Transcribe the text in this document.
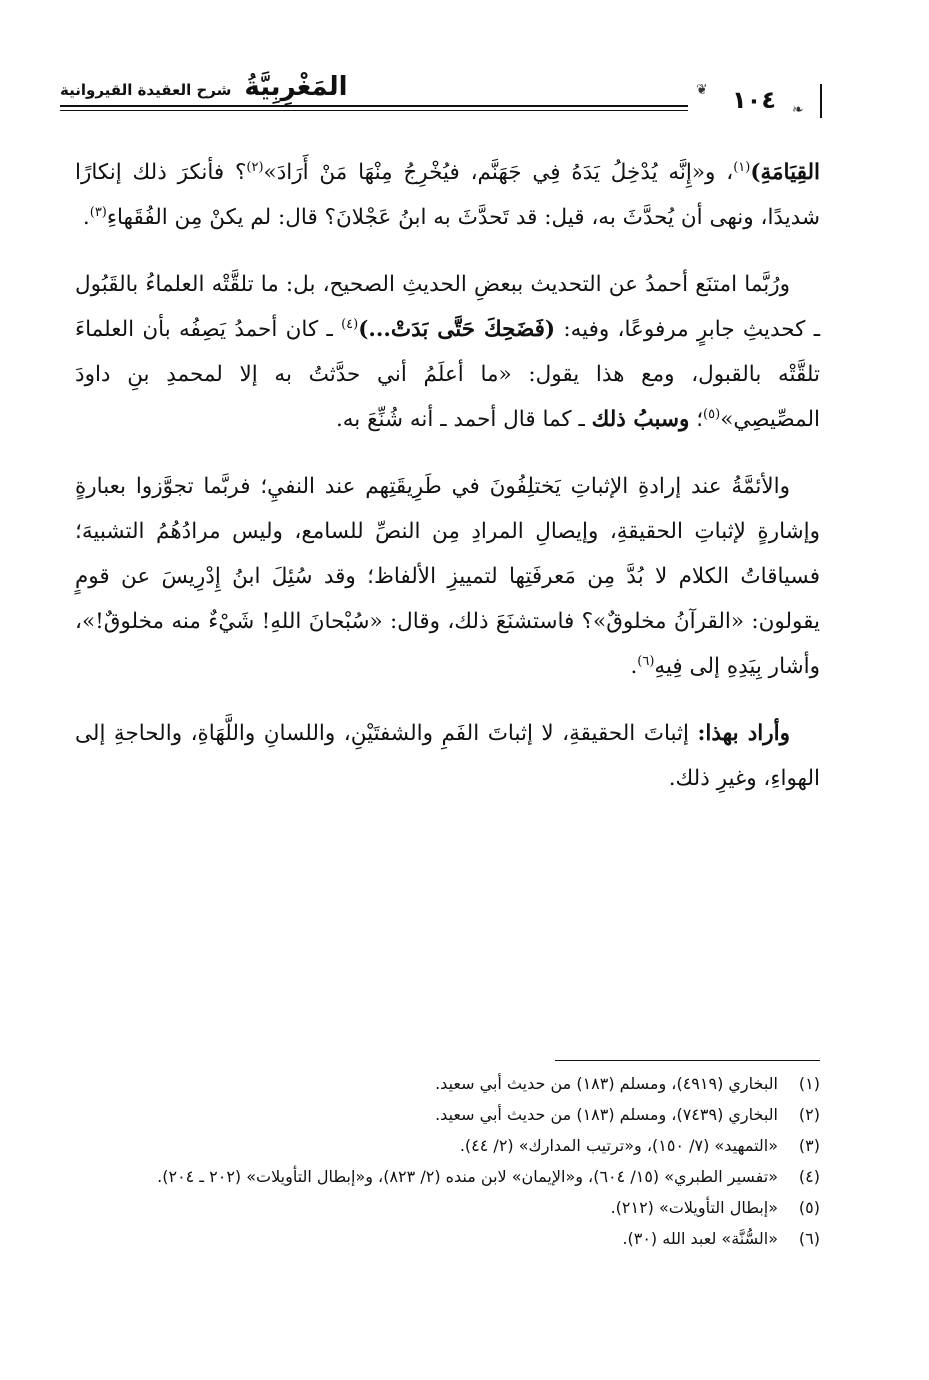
المَغْرِبِيَّةُ شرح العقيدة القيروانية	❦
❧
١٠٤

القِيَامَةِ)$^{(١)}$، و«إِنَّه يُدْخِلُ يَدَهُ فِي جَهَنَّم، فيُخْرِجُ مِنْهَا مَنْ أَرَادَ»$^{(٢)}$؟ فأنكرَ ذلك إنكارًا شديدًا، ونهى أن يُحدَّثَ به، قيل: قد تَحدَّثَ به ابنُ عَجْلانَ؟ قال: لم يكنْ مِن الفُقَهاءِ$^{(٣)}$.

ورُبَّما امتنَع أحمدُ عن التحديث ببعضِ الحديثِ الصحيح، بل: ما تلقَّتْه العلماءُ بالقَبُول ـ كحديثِ جابرٍ مرفوعًا، وفيه: (فَضَحِكَ حَتَّى بَدَتْ...)$^{(٤)}$ ـ كان أحمدُ يَصِفُه بأن العلماءَ تلقَّتْه بالقبول، ومع هذا يقول: «ما أعلَمُ أني حدَّثتُ به إلا لمحمدِ بنِ داودَ المصِّيصِي»$^{(٥)}$؛ وسببُ ذلك ـ كما قال أحمد ـ أنه شُنِّعَ به.

والأئمَّةُ عند إرادةِ الإثباتِ يَختلِفُونَ في طَرِيقَتِهم عند النفيِ؛ فربَّما تجوَّزوا بعبارةٍ وإشارةٍ لإثباتِ الحقيقةِ، وإيصالِ المرادِ مِن النصِّ للسامع، وليس مرادُهُمُ التشبيهَ؛ فسياقاتُ الكلام لا بُدَّ مِن مَعرفَتِها لتمييزِ الألفاظ؛ وقد سُئِلَ ابنُ إِدْرِيسَ عن قومٍ يقولون: «القرآنُ مخلوقٌ»؟ فاستشنَعَ ذلك، وقال: «سُبْحانَ اللهِ! شَيْءٌ منه مخلوقٌ!»، وأشار بِيَدِهِ إلى فِيهِ$^{(٦)}$.

وأراد بهذا: إثباتَ الحقيقةِ، لا إثباتَ الفَمِ والشفتَيْنِ، واللسانِ واللَّهَاةِ، والحاجةِ إلى الهواءِ، وغيرِ ذلك.

(١)
البخاري (٤٩١٩)، ومسلم (١٨٣) من حديث أبي سعيد.
(٢)
البخاري (٧٤٣٩)، ومسلم (١٨٣) من حديث أبي سعيد.
(٣)
«التمهيد» (٧/ ١٥٠)، و«ترتيب المدارك» (٢/ ٤٤).
(٤)
«تفسير الطبري» (١٥/ ٦٠٤)، و«الإيمان» لابن منده (٢/ ٨٢٣)، و«إبطال التأويلات» (٢٠٢ ـ ٢٠٤).
(٥)
«إبطال التأويلات» (٢١٢).
(٦)
«السُّنَّة» لعبد الله (٣٠).
